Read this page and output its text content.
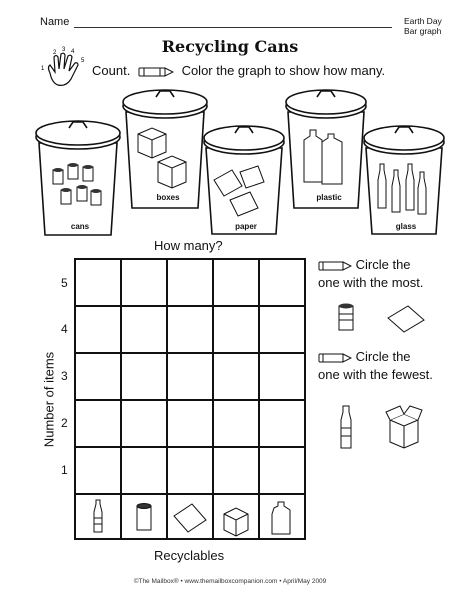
Name	Earth Day
Bar graph
Recycling Cans
1
2 3 4
5
Count.	Color the graph to show how many.
cans
boxes
paper
plastic
glass
How many?
5
4
3
2
1
Number of items
Recyclables
Circle the
one with the most.
Circle the
one with the fewest.
©The Mailbox® • www.themailboxcompanion.com • April/May 2009
